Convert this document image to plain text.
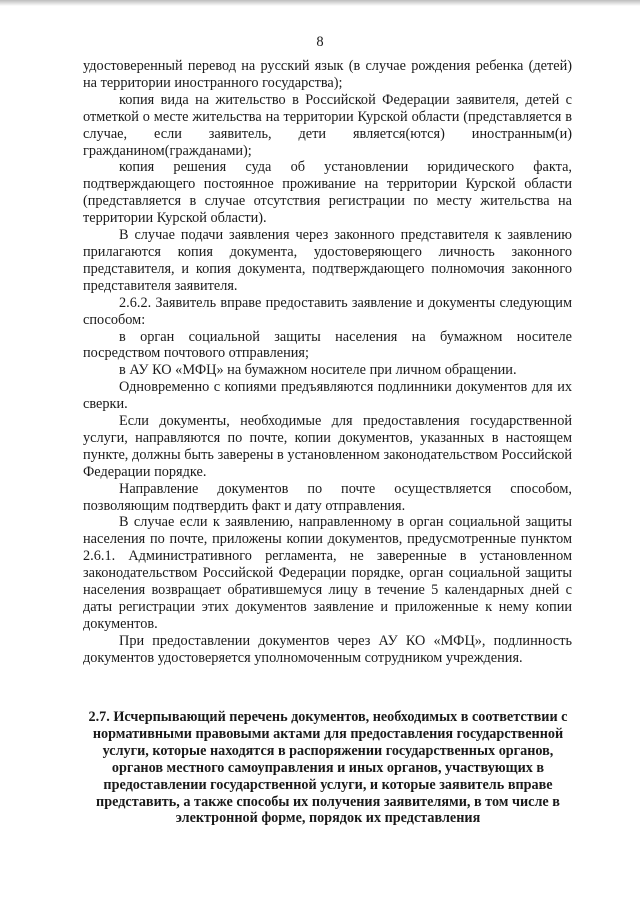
8

удостоверенный перевод на русский язык (в случае рождения ребенка (детей) на территории иностранного государства);

копия вида на жительство в Российской Федерации заявителя, детей с отметкой о месте жительства на территории Курской области (представляется в случае, если заявитель, дети является(ются) иностранным(и) гражданином(гражданами);

копия решения суда об установлении юридического факта, подтверждающего постоянное проживание на территории Курской области (представляется в случае отсутствия регистрации по месту жительства на территории Курской области).

В случае подачи заявления через законного представителя к заявлению прилагаются копия документа, удостоверяющего личность законного представителя, и копия документа, подтверждающего полномочия законного представителя заявителя.

2.6.2. Заявитель вправе предоставить заявление и документы следующим способом:

в орган социальной защиты населения на бумажном носителе посредством почтового отправления;

в АУ КО «МФЦ» на бумажном носителе при личном обращении.

Одновременно с копиями предъявляются подлинники документов для их сверки.

Если документы, необходимые для предоставления государственной услуги, направляются по почте, копии документов, указанных в настоящем пункте, должны быть заверены в установленном законодательством Российской Федерации порядке.

Направление документов по почте осуществляется способом, позволяющим подтвердить факт и дату отправления.

В случае если к заявлению, направленному в орган социальной защиты населения по почте, приложены копии документов, предусмотренные пунктом 2.6.1. Административного регламента, не заверенные в установленном законодательством Российской Федерации порядке, орган социальной защиты населения возвращает обратившемуся лицу в течение 5 календарных дней с даты регистрации этих документов заявление и приложенные к нему копии документов.

При предоставлении документов через АУ КО «МФЦ», подлинность документов удостоверяется уполномоченным сотрудником учреждения.

2.7. Исчерпывающий перечень документов, необходимых в соответствии с нормативными правовыми актами для предоставления государственной услуги, которые находятся в распоряжении государственных органов, органов местного самоуправления и иных органов, участвующих в предоставлении государственной услуги, и которые заявитель вправе представить, а также способы их получения заявителями, в том числе в электронной форме, порядок их представления
